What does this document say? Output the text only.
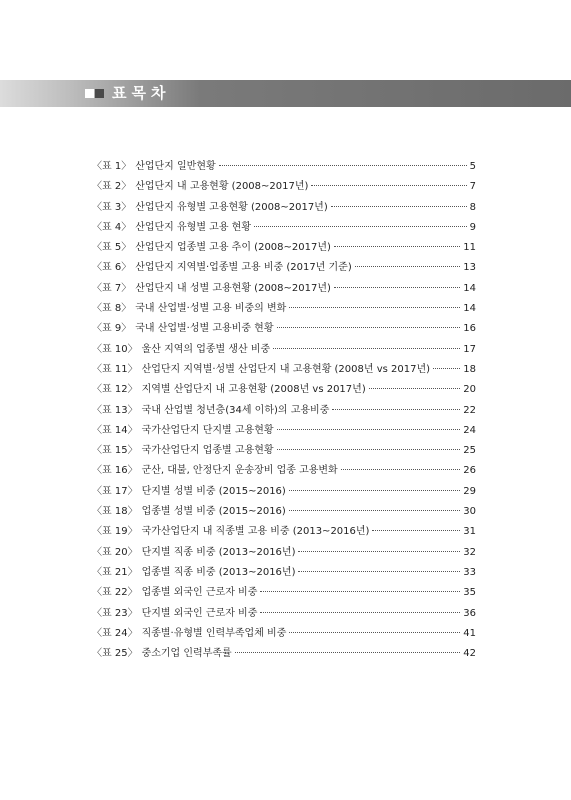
표목차
〈표 1〉 산업단지 일반현황	5
〈표 2〉 산업단지 내 고용현황 (2008~2017년)	7
〈표 3〉 산업단지 유형별 고용현황 (2008~2017년)	8
〈표 4〉 산업단지 유형별 고용 현황	9
〈표 5〉 산업단지 업종별 고용 추이 (2008~2017년)	11
〈표 6〉 산업단지 지역별·업종별 고용 비중 (2017년 기준)	13
〈표 7〉 산업단지 내 성별 고용현황 (2008~2017년)	14
〈표 8〉 국내 산업별·성별 고용 비중의 변화	14
〈표 9〉 국내 산업별·성별 고용비중 현황	16
〈표 10〉 울산 지역의 업종별 생산 비중	17
〈표 11〉 산업단지 지역별·성별 산업단지 내 고용현황 (2008년 vs 2017년)	18
〈표 12〉 지역별 산업단지 내 고용현황 (2008년 vs 2017년)	20
〈표 13〉 국내 산업별 청년층(34세 이하)의 고용비중	22
〈표 14〉 국가산업단지 단지별 고용현황	24
〈표 15〉 국가산업단지 업종별 고용현황	25
〈표 16〉 군산, 대불, 안정단지 운송장비 업종 고용변화	26
〈표 17〉 단지별 성별 비중 (2015~2016)	29
〈표 18〉 업종별 성별 비중 (2015~2016)	30
〈표 19〉 국가산업단지 내 직종별 고용 비중 (2013~2016년)	31
〈표 20〉 단지별 직종 비중 (2013~2016년)	32
〈표 21〉 업종별 직종 비중 (2013~2016년)	33
〈표 22〉 업종별 외국인 근로자 비중	35
〈표 23〉 단지별 외국인 근로자 비중	36
〈표 24〉 직종별·유형별 인력부족업체 비중	41
〈표 25〉 중소기업 인력부족률	42
